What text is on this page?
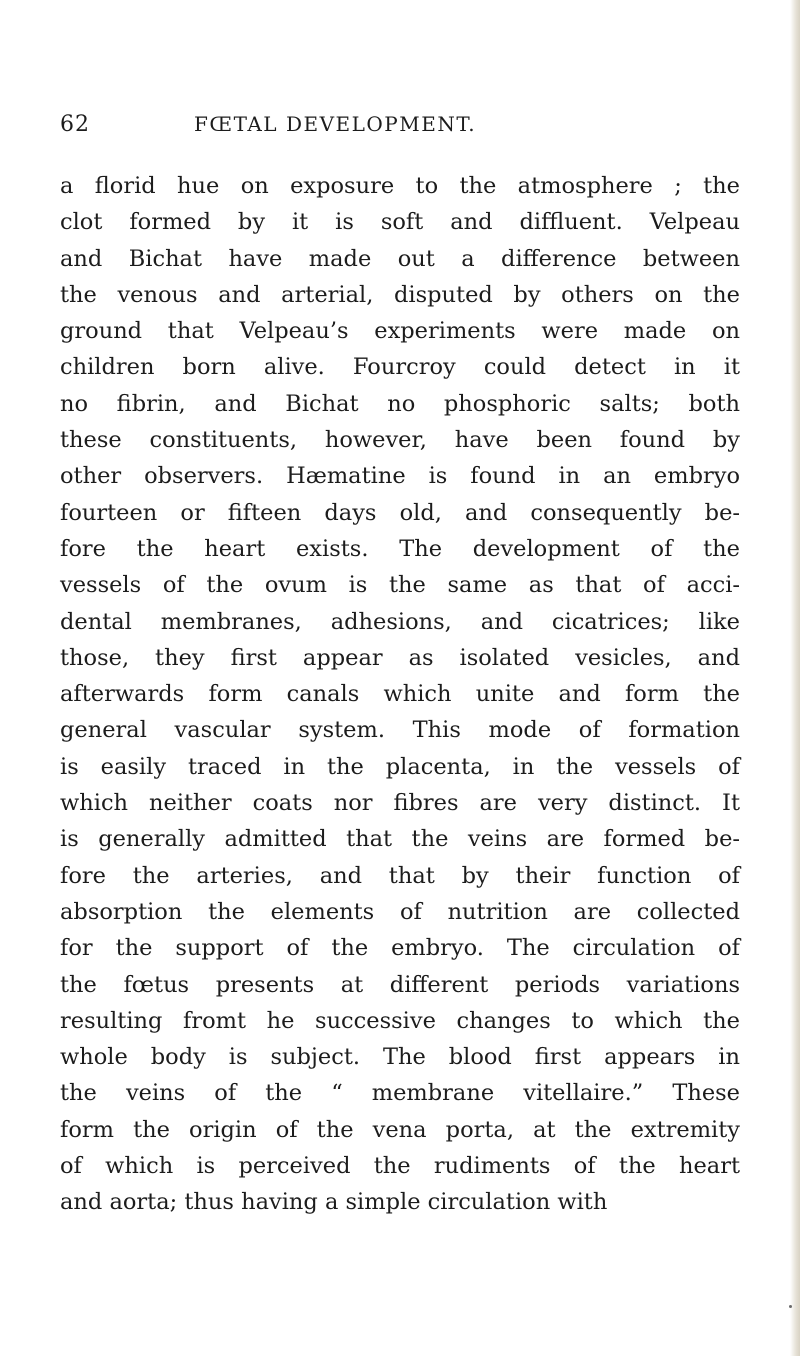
62	FŒTAL DEVELOPMENT.
a florid hue on exposure to the atmosphere ; the
clot formed by it is soft and diffluent. Velpeau
and Bichat have made out a difference between
the venous and arterial, disputed by others on the
ground that Velpeau’s experiments were made on
children born alive. Fourcroy could detect in it
no fibrin, and Bichat no phosphoric salts; both
these constituents, however, have been found by
other observers. Hæmatine is found in an embryo
fourteen or fifteen days old, and consequently be-
fore the heart exists. The development of the
vessels of the ovum is the same as that of acci-
dental membranes, adhesions, and cicatrices; like
those, they first appear as isolated vesicles, and
afterwards form canals which unite and form the
general vascular system. This mode of formation
is easily traced in the placenta, in the vessels of
which neither coats nor fibres are very distinct. It
is generally admitted that the veins are formed be-
fore the arteries, and that by their function of
absorption the elements of nutrition are collected
for the support of the embryo. The circulation of
the fœtus presents at different periods variations
resulting fromt he successive changes to which the
whole body is subject. The blood first appears in
the veins of the “ membrane vitellaire.” These
form the origin of the vena porta, at the extremity
of which is perceived the rudiments of the heart
and aorta; thus having a simple circulation with
